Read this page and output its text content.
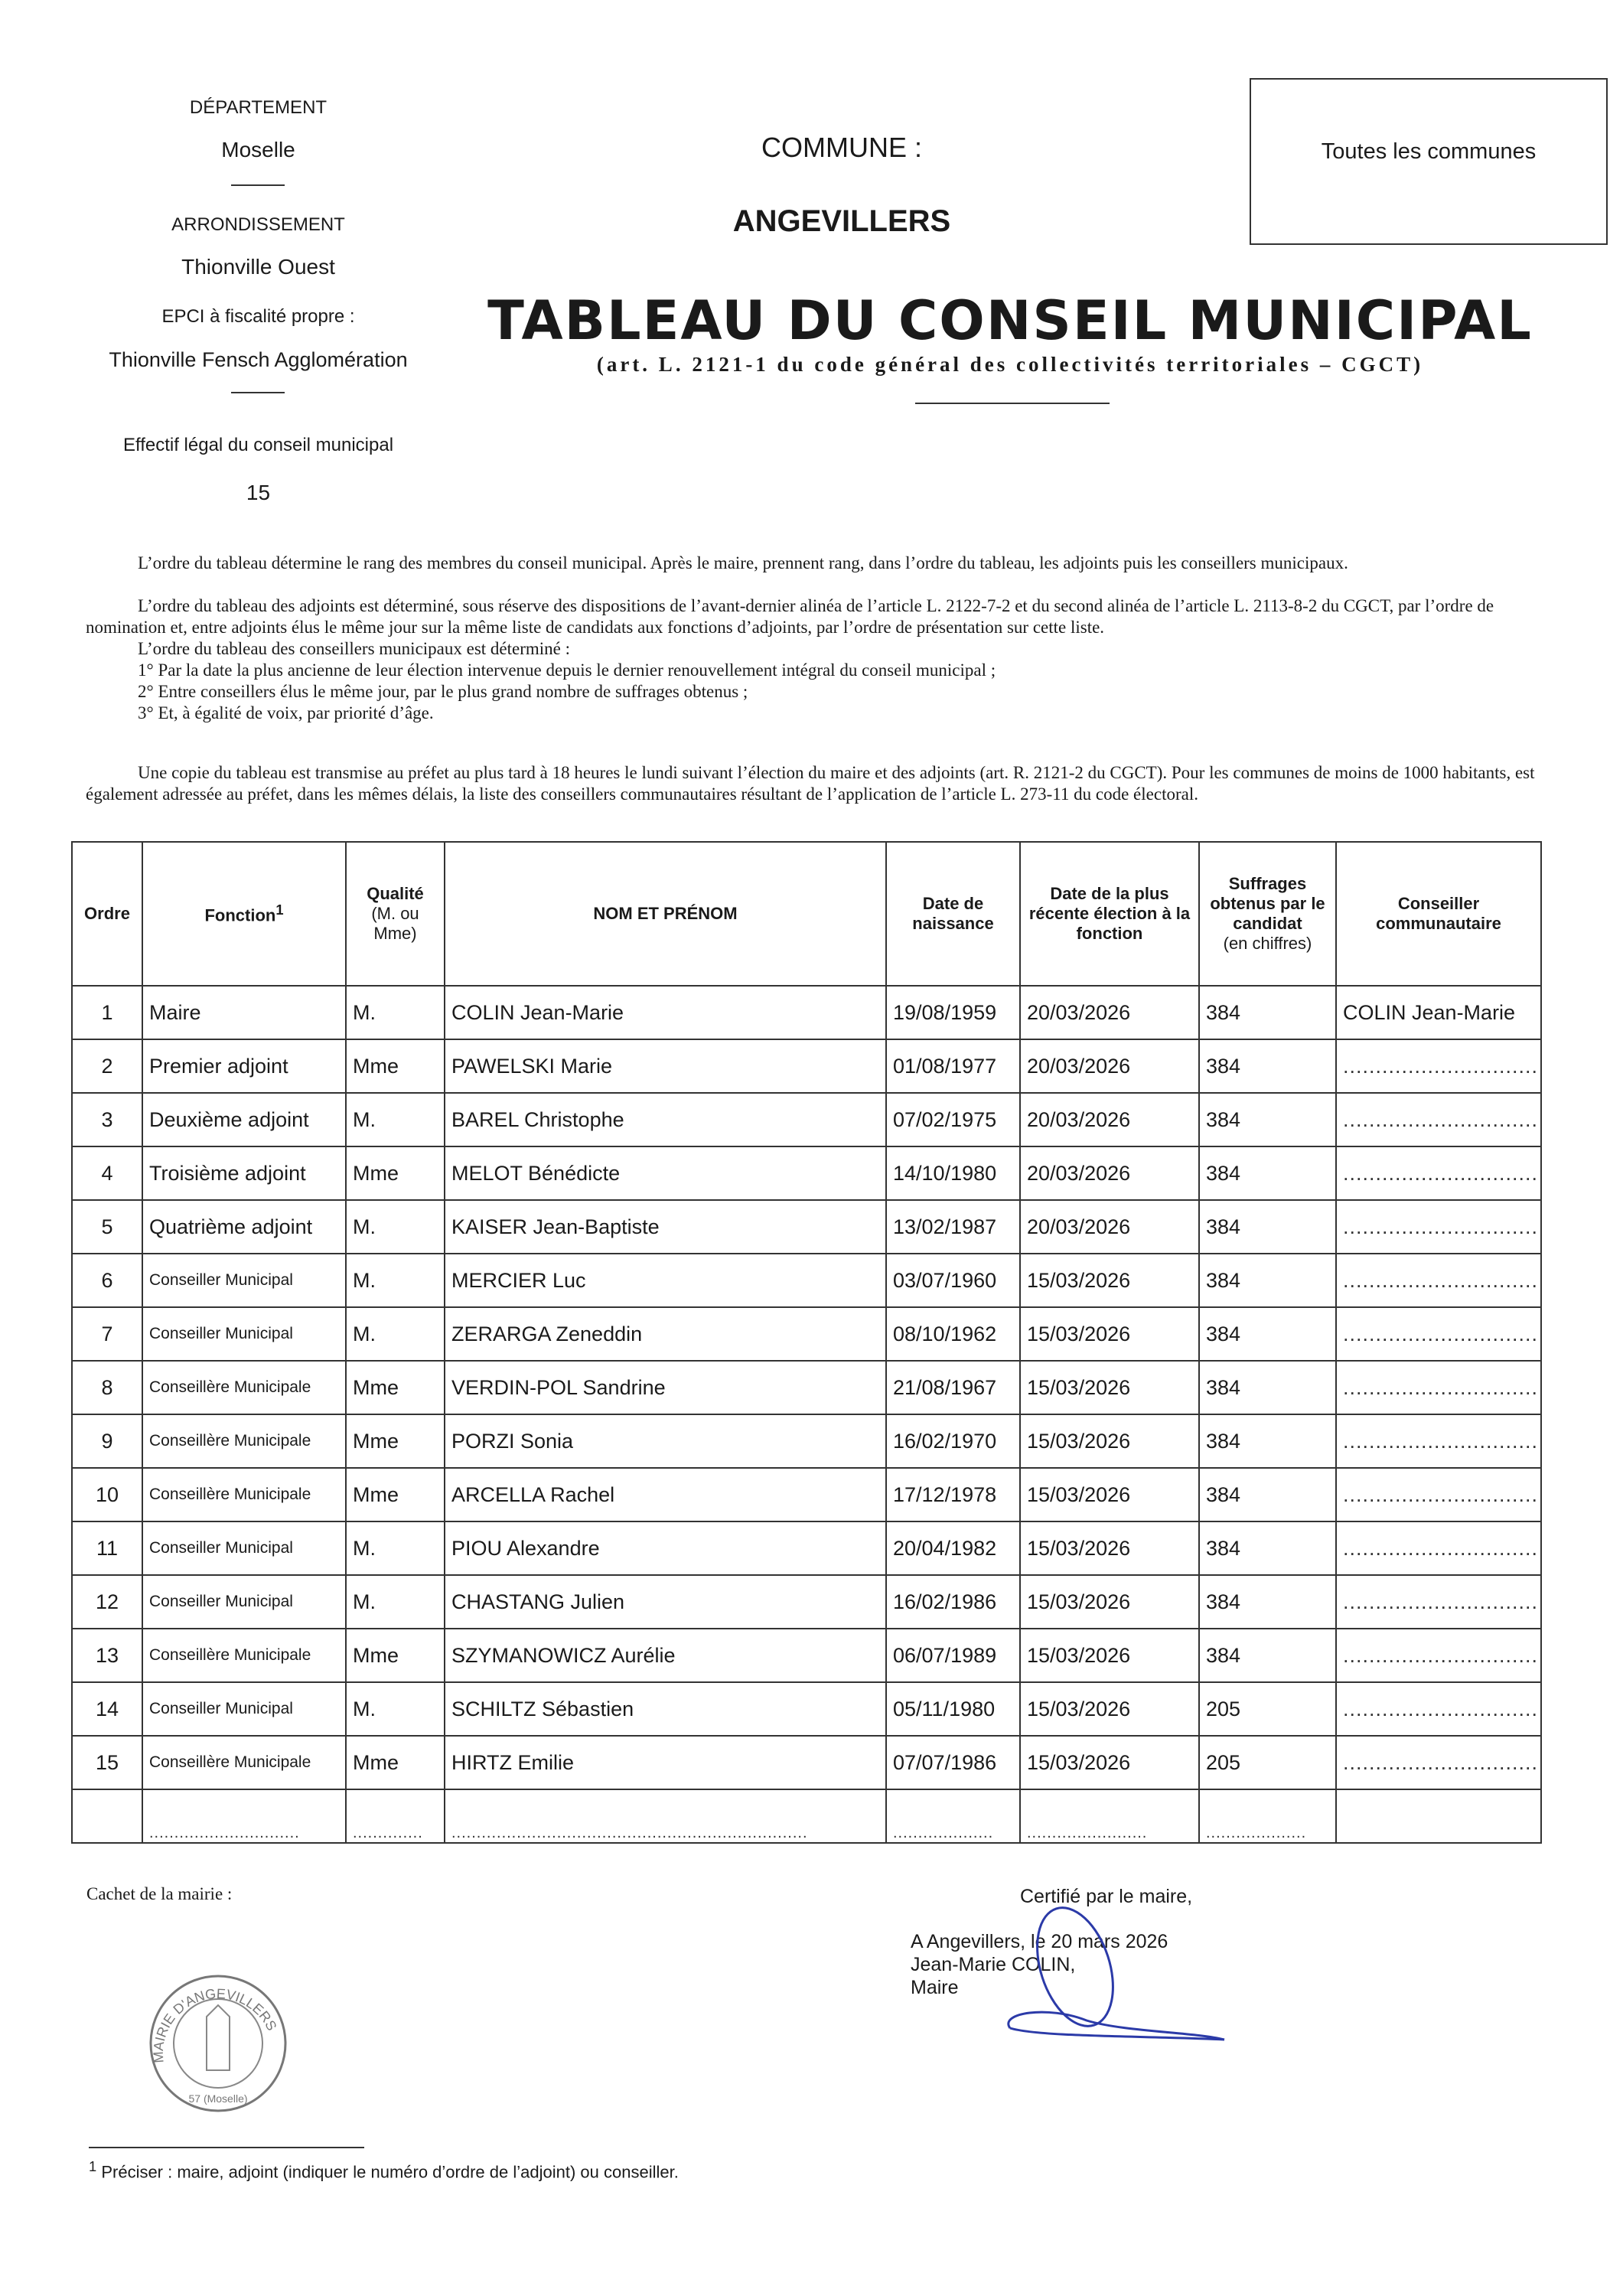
DÉPARTEMENT
Moselle
ARRONDISSEMENT
Thionville Ouest
EPCI à fiscalité propre :
Thionville Fensch Agglomération
Effectif légal du conseil municipal
15
COMMUNE :
ANGEVILLERS
TABLEAU DU CONSEIL MUNICIPAL
(art. L. 2121-1 du code général des collectivités territoriales – CGCT)
Toutes les communes
L’ordre du tableau détermine le rang des membres du conseil municipal. Après le maire, prennent rang, dans l’ordre du tableau, les adjoints puis les conseillers municipaux.
L’ordre du tableau des adjoints est déterminé, sous réserve des dispositions de l’avant-dernier alinéa de l’article L. 2122-7-2 et du second alinéa de l’article L. 2113-8-2 du CGCT, par l’ordre de nomination et, entre adjoints élus le même jour sur la même liste de candidats aux fonctions d’adjoints, par l’ordre de présentation sur cette liste.
L’ordre du tableau des conseillers municipaux est déterminé :
1° Par la date la plus ancienne de leur élection intervenue depuis le dernier renouvellement intégral du conseil municipal ;
2° Entre conseillers élus le même jour, par le plus grand nombre de suffrages obtenus ;
3° Et, à égalité de voix, par priorité d’âge.
Une copie du tableau est transmise au préfet au plus tard à 18 heures le lundi suivant l’élection du maire et des adjoints (art. R. 2121-2 du CGCT). Pour les communes de moins de 1000 habitants, est également adressée au préfet, dans les mêmes délais, la liste des conseillers communautaires résultant de l’application de l’article L. 273-11 du code électoral.
Ordre	Fonction$^1$	Qualité
(M. ou Mme)	NOM ET PRÉNOM	Date de naissance	Date de la plus récente élection à la fonction	Suffrages obtenus par le candidat
(en chiffres)	Conseiller communautaire
1	Maire	M.	COLIN Jean-Marie	19/08/1959	20/03/2026	384	COLIN Jean-Marie
2	Premier adjoint	Mme	PAWELSKI Marie	01/08/1977	20/03/2026	384	..............................
3	Deuxième adjoint	M.	BAREL Christophe	07/02/1975	20/03/2026	384	..............................
4	Troisième adjoint	Mme	MELOT Bénédicte	14/10/1980	20/03/2026	384	..............................
5	Quatrième adjoint	M.	KAISER Jean-Baptiste	13/02/1987	20/03/2026	384	..............................
6	Conseiller Municipal	M.	MERCIER Luc	03/07/1960	15/03/2026	384	..............................
7	Conseiller Municipal	M.	ZERARGA Zeneddin	08/10/1962	15/03/2026	384	..............................
8	Conseillère Municipale	Mme	VERDIN-POL Sandrine	21/08/1967	15/03/2026	384	..............................
9	Conseillère Municipale	Mme	PORZI Sonia	16/02/1970	15/03/2026	384	..............................
10	Conseillère Municipale	Mme	ARCELLA Rachel	17/12/1978	15/03/2026	384	..............................
11	Conseiller Municipal	M.	PIOU Alexandre	20/04/1982	15/03/2026	384	..............................
12	Conseiller Municipal	M.	CHASTANG Julien	16/02/1986	15/03/2026	384	..............................
13	Conseillère Municipale	Mme	SZYMANOWICZ Aurélie	06/07/1989	15/03/2026	384	..............................
14	Conseiller Municipal	M.	SCHILTZ Sébastien	05/11/1980	15/03/2026	205	..............................
15	Conseillère Municipale	Mme	HIRTZ Emilie	07/07/1986	15/03/2026	205	..............................
	..............................	..............	.......................................................................	....................	........................	....................	
Cachet de la mairie :	Certifié par le maire,
A Angevillers, le 20 mars 2026
Jean-Marie COLIN,
Maire
MAIRIE D'ANGEVILLERS
57 (Moselle)
$^1$ Préciser : maire, adjoint (indiquer le numéro d’ordre de l’adjoint) ou conseiller.
